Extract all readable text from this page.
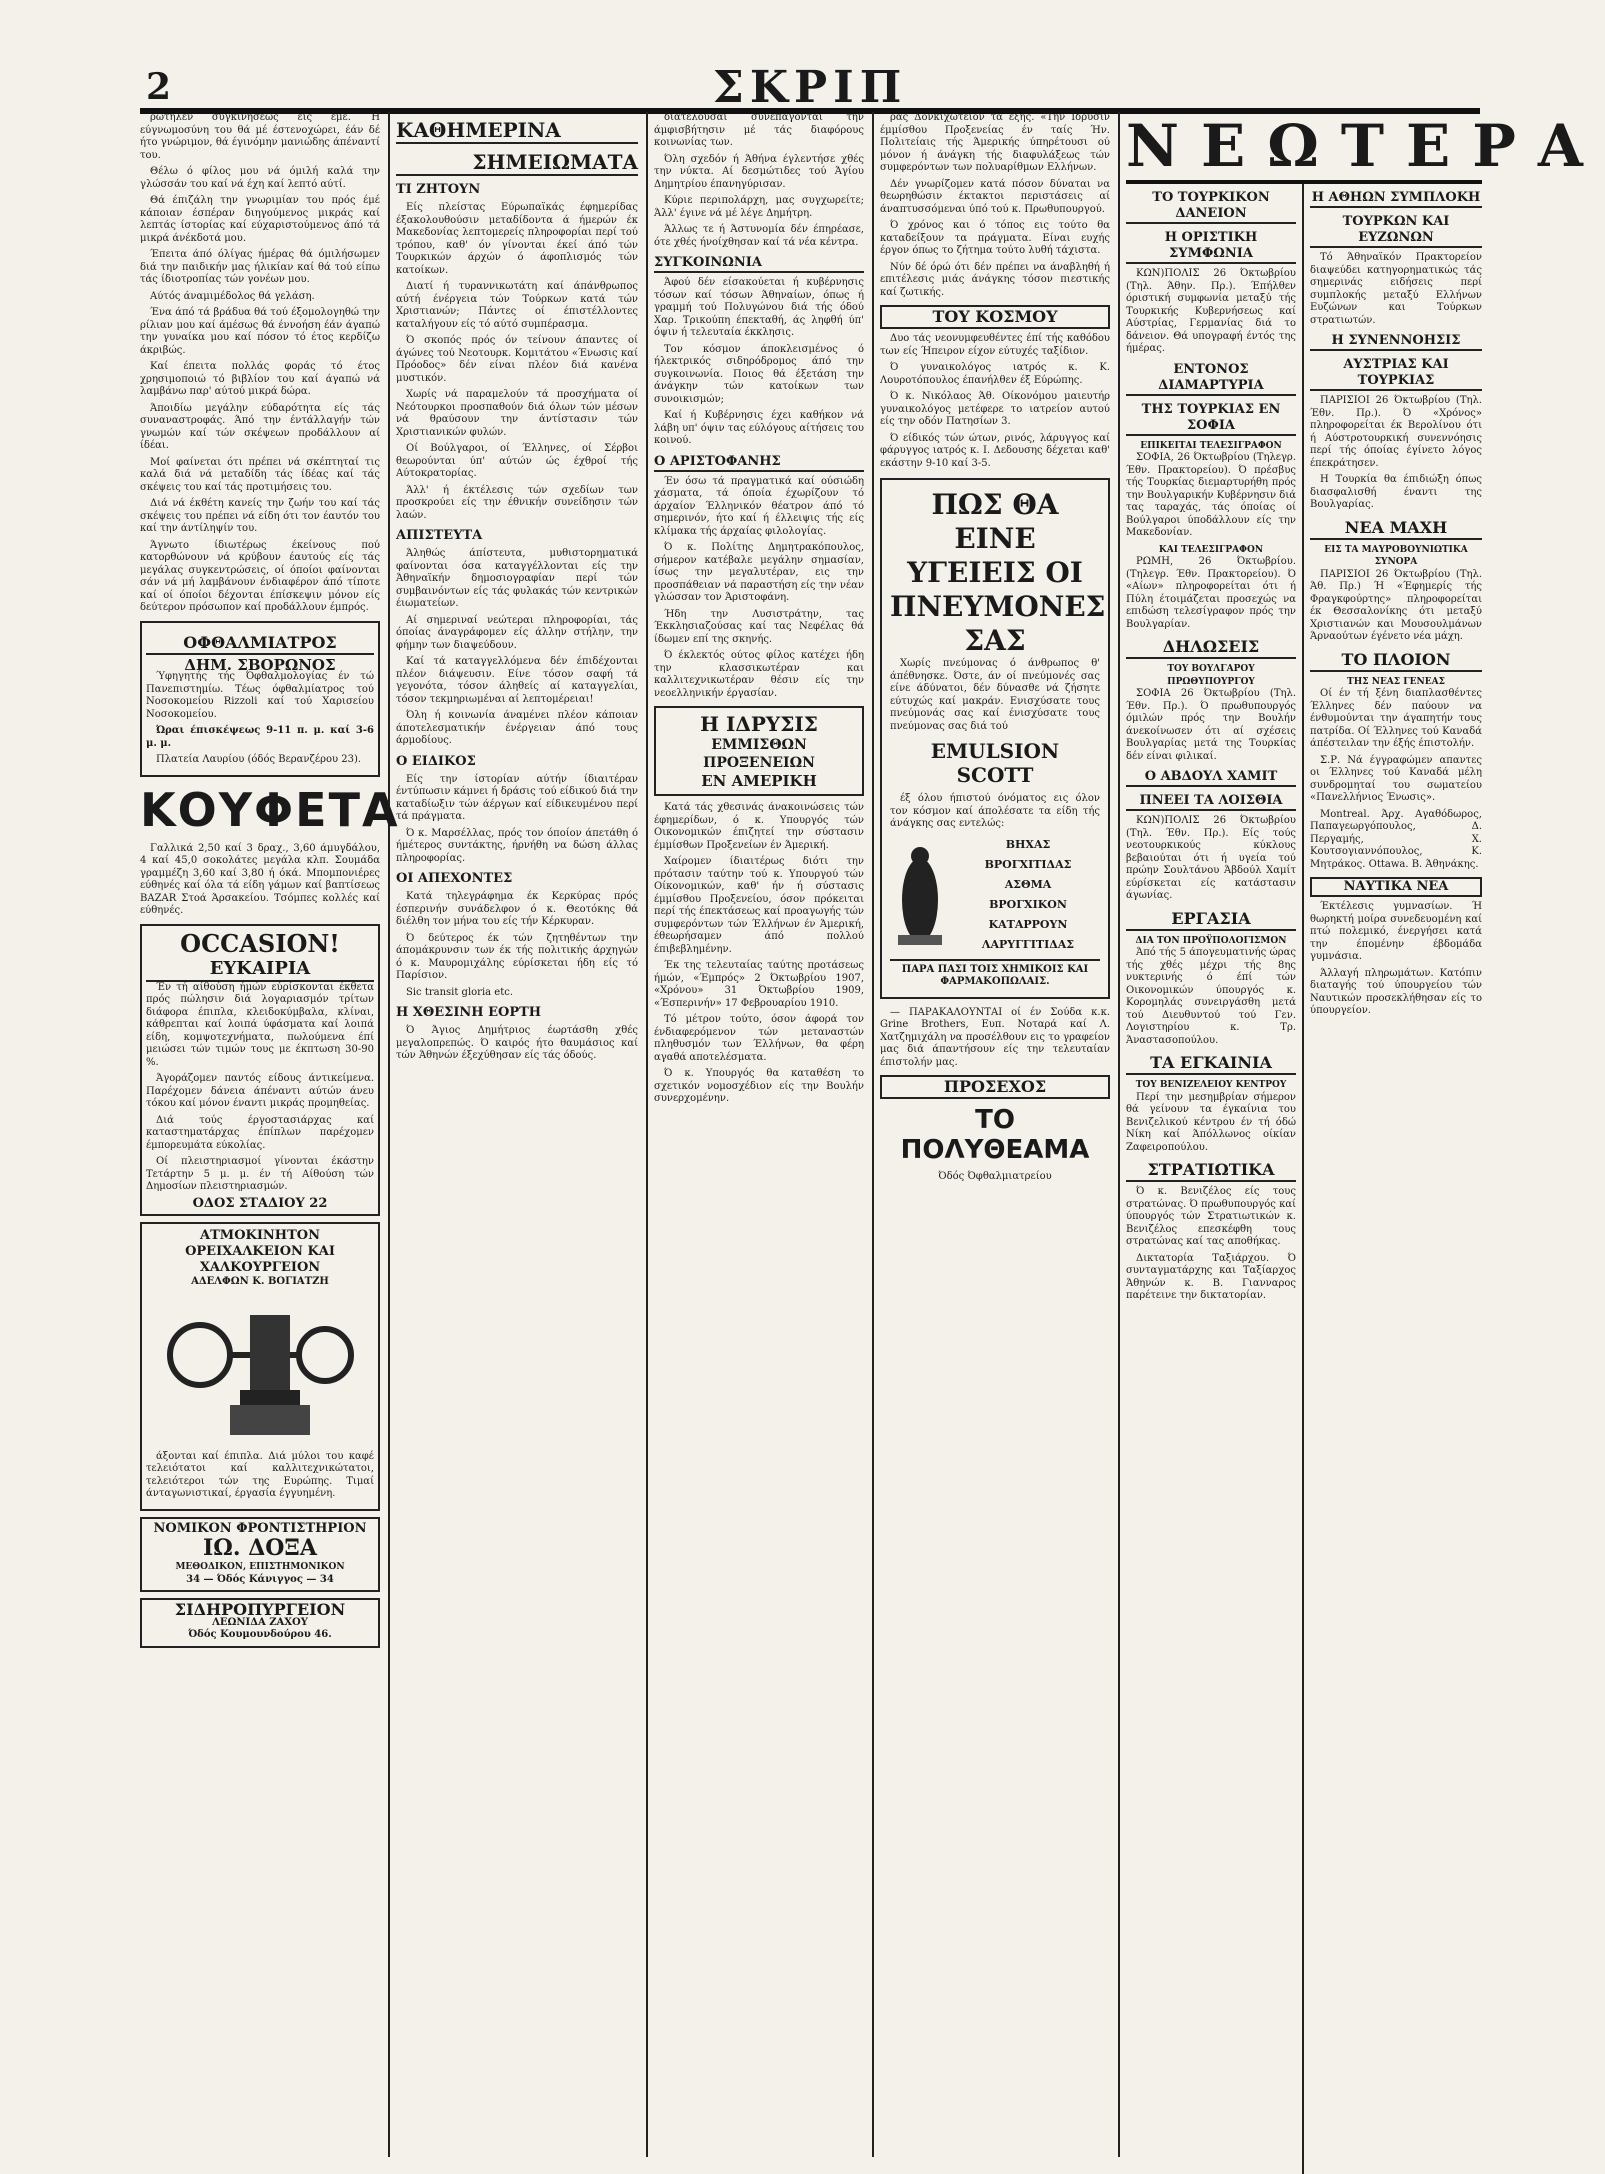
2	ΣΚΡΙΠ

ρώτηλεν συγκινήσεως είς έμέ. Ή εύγνωμοσύνη του θά μέ έστενοχώρει, έάν δέ ήτο γνώριμον, θά έγινόμην μανιώδης άπέναντί του.

Θέλω ό φίλος μου νά όμιλή καλά την γλώσσάν του καί νά έχη καί λεπτό αύτί.

Θά έπιζάλη την γνωριμίαν του πρός έμέ κάποιαν έσπέραν διηγούμενος μικράς καί λεπτάς ίστορίας καί εύχαριστούμενος άπό τά μικρά άνέκδοτά μου.

Έπειτα άπό όλίγας ήμέρας θά όμιλήσωμεν διά την παιδικήν μας ήλικίαν καί θά τού είπω τάς ίδιοτροπίας τών γονέων μου.

Αύτός άναμιμέδολος θά γελάση.

Ένα άπό τά βράδυα θά τού έξομολογηθώ την ρίλιαν μου καί άμέσως θά έννοήση έάν άγαπώ την γυναίκα μου καί πόσον τό έτος κερδίζω άκριβώς.

Καί έπειτα πολλάς φοράς τό έτος χρησιμοποιώ τό βιβλίον του καί άγαπώ νά λαμβάνω παρ' αύτού μικρά δώρα.

Άποιδίω μεγάλην εύδαρότητα είς τάς συναναστροφάς. Άπό την έντάλλαγήν τών γνωμών καί τών σκέψεων προδάλλουν αί ίδέαι.

Μοί φαίνεται ότι πρέπει νά σκέπτηταί τις καλά διά νά μεταδίδη τάς ίδέας καί τάς σκέψεις του καί τάς προτιμήσεις του.

Διά νά έκθέτη κανείς την ζωήν του καί τάς σκέψεις του πρέπει νά είδη ότι τον έαυτόν του καί την άντίληψίν του.

Άγνωτο ίδιωτέρως έκείνους πού κατορθώνουν νά κρύβουν έαυτούς είς τάς μεγάλας συγκεντρώσεις, οί όποίοι φαίνονται σάν νά μή λαμβάνουν ένδιαφέρον άπό τίποτε καί οί όποίοι δέχονται έπίσκεψιν μόνον είς δεύτερον πρόσωπον καί προδάλλουν έμπρός.

ΟΦΘΑΛΜΙΑΤΡΟΣ
ΔΗΜ. ΣΒΟΡΩΝΟΣ

Ύφηγητής τής Όφθαλμολογίας έν τώ Πανεπιστημίω. Τέως όφθαλμίατρος τού Νοσοκομείου Rizzoli καί τού Χαρισείου Νοσοκομείου.

Ώραι έπισκέψεως 9-11 π. μ. καί 3-6 μ. μ.

Πλατεία Λαυρίου (όδός Βερανζέρου 23).

ΚΟΥΦΕΤΑ

Γαλλικά 2,50 καί 3 δραχ., 3,60 άμυγδάλου, 4 καί 45,0 σοκολάτες μεγάλα κλπ. Σουμάδα γραμμέζη 3,60 καί 3,80 ή όκά. Μπομπονιέρες εύθηνές καί όλα τά είδη γάμων καί βαπτίσεως BAZAR Στοά Άρσακείου. Τσόμπες κολλές καί εύθηνές.

OCCASION!
ΕΥΚΑΙΡΙΑ

Έν τή αίθούση ήμών εύρίσκονται έκθετα πρός πώλησιν διά λογαριασμόν τρίτων διάφορα έπιπλα, κλειδοκύμβαλα, κλίναι, κάθρεπται καί λοιπά ύφάσματα καί λοιπά είδη, κομψοτεχνήματα, πωλούμενα έπί μειώσει τών τιμών τους με έκπτωση 30-90 %.

Άγοράζομεν παντός είδους άντικείμενα. Παρέχομεν δάνεια άπέναντι αύτών άνευ τόκου καί μόνον έναντι μικράς προμηθείας.

Διά τούς έργοστασιάρχας καί καταστηματάρχας έπίπλων παρέχομεν έμπορευμάτα εύκολίας.

Οί πλειστηριασμοί γίνονται έκάστην Τετάρτην 5 μ. μ. έν τή Αίθούση τών Δημοσίων πλειστηριασμών.

ΟΔΟΣ ΣΤΑΔΙΟΥ 22
ΑΤΜΟΚΙΝΗΤΟΝ ΟΡΕΙΧΑΛΚΕΙΟΝ ΚΑΙ ΧΑΛΚΟΥΡΓΕΙΟΝ
ΑΔΕΛΦΩΝ Κ. ΒΟΓΙΑΤΖΗ

άξονται καί έπιπλα. Διά μύλοι του καφέ τελειότατοι καί καλλιτεχνικώτατοι, τελειότεροι τών της Ευρώπης. Τιμαί άνταγωνιστικαί, έργασία έγγυημένη.

ΝΟΜΙΚΟΝ ΦΡΟΝΤΙΣΤΗΡΙΟΝ
ΙΩ. ΔΟΞΑ
ΜΕΘΟΔΙΚΟΝ, ΕΠΙΣΤΗΜΟΝΙΚΟΝ
34 — Όδός Κάνιγγος — 34
ΣΙΔΗΡΟΠΥΡΓΕΙΟΝ
ΛΕΩΝΙΔΑ ΖΑΧΟΥ
Όδός Κουμουνδούρου 46.
ΚΑΘΗΜΕΡΙΝΑ
ΣΗΜΕΙΩΜΑΤΑ
ΤΙ ΖΗΤΟΥΝ

Είς πλείστας Εύρωπαϊκάς έφημερίδας έξακολουθούσιν μεταδίδοντα ά ήμερών έκ Μακεδονίας λεπτομερείς πληροφορίαι περί τού τρόπου, καθ' όν γίνονται έκεί άπό τών Τουρκικών άρχών ό άφοπλισμός τών κατοίκων.

Διατί ή τυραννικωτάτη καί άπάνθρωπος αύτή ένέργεια τών Τούρκων κατά τών Χριστιανών; Πάντες οί έπιστέλλοντες καταλήγουν είς τό αύτό συμπέρασμα.

Ό σκοπός πρός όν τείνουν άπαντες οί άγώνες τού Νεοτουρκ. Κομιτάτου «Ένωσις καί Πρόοδος» δέν είναι πλέον διά κανένα μυστικόν.

Χωρίς νά παραμελούν τά προσχήματα οί Νεότουρκοι προσπαθούν διά όλων τών μέσων νά θραύσουν την άντίστασιν τών Χριστιανικών φυλών.

Οί Βούλγαροι, οί Έλληνες, οί Σέρβοι θεωρούνται ύπ' αύτών ώς έχθροί τής Αύτοκρατορίας.

Άλλ' ή έκτέλεσις τών σχεδίων των προσκρούει είς την έθνικήν συνείδησιν τών λαών.

ΑΠΙΣΤΕΥΤΑ

Άληθώς άπίστευτα, μυθιστορηματικά φαίνονται όσα καταγγέλλονται είς την Άθηναϊκήν δημοσιογραφίαν περί τών συμβαινόντων είς τάς φυλακάς τών κεντρικών έιωματείων.

Αί σημεριναί νεώτεραι πληροφορίαι, τάς όποίας άναγράφομεν είς άλλην στήλην, την φήμην των διαψεύδουν.

Καί τά καταγγελλόμενα δέν έπιδέχονται πλέον διάψευσιν. Είνε τόσον σαφή τά γεγονότα, τόσον άληθείς αί καταγγελίαι, τόσον τεκμηριωμέναι αί λεπτομέρειαι!

Όλη ή κοινωνία άναμένει πλέον κάποιαν άποτελεσματικήν ένέργειαν άπό τους άρμοδίους.

Ο ΕΙΔΙΚΟΣ

Είς την ίστορίαν αύτήν ίδιαιτέραν έντύπωσιν κάμνει ή δράσις τού είδικού διά την καταδίωξιν τών άέργων καί είδικευμένου περί τά πράγματα.

Ό κ. Μαρσέλλας, πρός τον όποίον άπετάθη ό ήμέτερος συντάκτης, ήρνήθη να δώση άλλας πληροφορίας.

ΟΙ ΑΠΕΧΟΝΤΕΣ

Κατά τηλεγράφημα έκ Κερκύρας πρός έσπερινήν συνάδελφον ό κ. Θεοτόκης θά διέλθη τον μήνα του είς τήν Κέρκυραν.

Ό δεύτερος έκ τών ζητηθέντων την άπομάκρυνσιν των έκ τής πολιτικής άρχηγών ό κ. Μαυρομιχάλης εύρίσκεται ήδη είς τό Παρίσιον.

Sic transit gloria etc.

Η ΧΘΕΣΙΝΗ ΕΟΡΤΗ

Ό Άγιος Δημήτριος έωρτάσθη χθές μεγαλοπρεπώς. Ό καιρός ήτο θαυμάσιος καί τών Άθηνών έξεχύθησαν είς τάς όδούς.

διατελούσαι συνεπάγονται την άμφισβήτησιν μέ τάς διαφόρους κοινωνίας των.

Όλη σχεδόν ή Άθήνα έγλεντήσε χθές την νύκτα. Αί δεσμώτιδες τού Άγίου Δημητρίου έπανηγύρισαν.

Κύριε περιπολάρχη, μας συγχωρείτε; Άλλ' έγινε νά μέ λέγε Δημήτρη.

Άλλως τε ή Άστυνομία δέν έπηρέασε, ότε χθές ήνοίχθησαν καί τά νέα κέντρα.

ΣΥΓΚΟΙΝΩΝΙΑ

Άφού δέν είσακούεται ή κυβέρνησις τόσων καί τόσων Άθηναίων, όπως ή γραμμή τού Πολυγώνου διά τής όδού Χαρ. Τρικούπη έπεκταθή, άς ληφθή ύπ' όψιν ή τελευταία έκκλησις.

Τον κόσμον άποκλεισμένος ό ήλεκτρικός σιδηρόδρομος άπό την συγκοινωνία. Ποιος θά έξετάση την άνάγκην τών κατοίκων των συνοικισμών;

Καί ή Κυβέρνησις έχει καθήκον νά λάβη υπ' όψιν τας εύλόγους αίτήσεις του κοινού.

Ο ΑΡΙΣΤΟΦΑΝΗΣ

Έν όσω τά πραγματικά καί ούσιώδη χάσματα, τά όποία έχωρίζουν τό άρχαίον Έλληνικόν θέατρον άπό τό σημερινόν, ήτο καί ή έλλειψις τής είς κλίμακα τής άρχαίας φιλολογίας.

Ό κ. Πολίτης Δημητρακόπουλος, σήμερον κατέβαλε μεγάλην σημασίαν, ίσως την μεγαλυτέραν, εις την προσπάθειαν νά παραστήση είς την νέαν γλώσσαν τον Άριστοφάνη.

Ήδη την Λυσιστράτην, τας Έκκλησιαζούσας καί τας Νεφέλας θά ίδωμεν επί της σκηνής.

Ό έκλεκτός ούτος φίλος κατέχει ήδη την κλασσικωτέραν και καλλιτεχνικωτέραν θέσιν είς την νεοελληνικήν έργασίαν.

Η ΙΔΡΥΣΙΣ
ΕΜΜΙΣΘΩΝ ΠΡΟΞΕΝΕΙΩΝ
ΕΝ ΑΜΕΡΙΚΗ

Κατά τάς χθεσινάς άνακοινώσεις τών έφημερίδων, ό κ. Υπουργός τών Οικονομικών έπιζητεί την σύστασιν έμμίσθων Προξενείων έν Άμερική.

Χαίρομεν ίδιαιτέρως διότι την πρότασιν ταύτην τού κ. Υπουργού τών Οίκονομικών, καθ' ήν ή σύστασις έμμίσθου Προξενείου, όσον πρόκειται περί τής έπεκτάσεως καί προαγωγής τών συμφερόντων τών Έλλήνων έν Άμερική, έθεωρήσαμεν άπό πολλού έπιβεβλημένην.

Έκ της τελευταίας ταύτης προτάσεως ήμών, «Έμπρός» 2 Όκτωβρίου 1907, «Χρόνου» 31 Όκτωβρίου 1909, «Έσπερινήν» 17 Φεβρουαρίου 1910.

Τό μέτρον τούτο, όσον άφορά τον ένδιαφερόμενον τών μεταναστών πληθυσμόν των Έλλήνων, θα φέρη αγαθά αποτελέσματα.

Ό κ. Υπουργός θα καταθέση το σχετικόν νομοσχέδιον είς την Βουλήν συνερχομένην.

ρας Δονκιχώτειον τά έξής. «Την Ιδρυσιν έμμίσθου Προξενείας έν ταίς Ήν. Πολιτείαις τής Άμερικής ύπηρέτουσι ού μόνον ή άνάγκη τής διαφυλάξεως τών συμφερόντων των πολυαρίθμων Ελλήνων.

Δέν γνωρίζομεν κατά πόσον δύναται να θεωρηθώσιν έκτακτοι περιστάσεις αί άναπτυσσόμεναι ύπό τού κ. Πρωθυπουργού.

Ό χρόνος και ό τόπος εις τούτο θα καταδείξουν τα πράγματα. Είναι ευχής έργον όπως το ζήτημα τούτο λυθή τάχιστα.

Νύν δέ όρώ ότι δέν πρέπει να άναβληθή ή επιτέλεσις μιάς άνάγκης τόσον πιεστικής καί ζωτικής.

ΤΟΥ ΚΟΣΜΟΥ

Δυο τάς νεονυμφευθέντες έπί τής καθόδου των είς Ήπειρον είχον εύτυχές ταξίδιον.

Ό γυναικολόγος ιατρός κ. Κ. Λουροτόπουλος έπανήλθεν έξ Εύρώπης.

Ό κ. Νικόλαος Άθ. Οίκονόμου μαιευτήρ γυναικολόγος μετέφερε το ιατρείον αυτού είς την οδόν Πατησίων 3.

Ό είδικός τών ώτων, ρινός, λάρυγγος καί φάρυγγος ιατρός κ. Ι. Δεδουσης δέχεται καθ' εκάστην 9-10 καί 3-5.

ΠΩΣ ΘΑ ΕΙΝΕ
ΥΓΕΙΕΙΣ ΟΙ
ΠΝΕΥΜΟΝΕΣ
ΣΑΣ

Χωρίς πνεύμονας ό άνθρωπος θ' άπέθνησκε. Όστε, άν οί πνεύμονές σας είνε άδύνατοι, δέν δύνασθε νά ζήσητε εύτυχώς καί μακράν. Ενισχύσατε τους πνεύμονάς σας καί ένισχύσατε τους πνεύμονας σας διά τού

EMULSION SCOTT

έξ όλου ήπιστού όνόματος εις όλον τον κόσμον καί άπολέσατε τα είδη τής άνάγκης σας εντελώς:

ΒΗΧΑΣ
ΒΡΟΓΧΙΤΙΔΑΣ
ΑΣΘΜΑ
ΒΡΟΓΧΙΚΟΝ ΚΑΤΑΡΡΟΥΝ
ΛΑΡΥΓΓΙΤΙΔΑΣ
ΠΑΡΑ ΠΑΣΙ ΤΟΙΣ ΧΗΜΙΚΟΙΣ ΚΑΙ ΦΑΡΜΑΚΟΠΩΛΑΙΣ.

— ΠΑΡΑΚΑΛΟΥΝΤΑΙ οί έν Σούδα κ.κ. Grine Brothers, Ευπ. Νοταρά καί Λ. Χατζημιχάλη να προσέλθουν εις το γραφείον μας διά άπαντήσουν είς την τελευταίαν έπιστολήν μας.

ΠΡΟΣΕΧΟΣ
ΤΟ ΠΟΛΥΘΕΑΜΑ
Όδός Όφθαλμιατρείου
ΝΕΩΤΕΡΑ
ΤΟ ΤΟΥΡΚΙΚΟΝ ΔΑΝΕΙΟΝ
Η ΟΡΙΣΤΙΚΗ ΣΥΜΦΩΝΙΑ

ΚΩΝ)ΠΟΛΙΣ 26 Όκτωβρίου (Τηλ. Άθην. Πρ.). Έπήλθεν όριστική συμφωνία μεταξύ τής Τουρκικής Κυβερνήσεως καί Αύστρίας, Γερμανίας διά το δάνειον. Θά υπογραφή έντός της ήμέρας.

ΕΝΤΟΝΟΣ ΔΙΑΜΑΡΤΥΡΙΑ
ΤΗΣ ΤΟΥΡΚΙΑΣ ΕΝ ΣΟΦΙΑ
ΕΠΙΚΕΙΤΑΙ ΤΕΛΕΣΙΓΡΑΦΟΝ

ΣΟΦΙΑ, 26 Όκτωβρίου (Τηλεγρ. Έθν. Πρακτορείου). Ό πρέσβυς τής Τουρκίας διεμαρτυρήθη πρός την Βουλγαρικήν Κυβέρνησιν διά τας ταραχάς, τάς όποίας οί Βούλγαροι ύποδάλλουν είς την Μακεδονίαν.

ΚΑΙ ΤΕΛΕΣΙΓΡΑΦΟΝ

ΡΩΜΗ, 26 Όκτωβρίου. (Τηλεγρ. Έθν. Πρακτορείου). Ό «Αίων» πληροφορείται ότι ή Πύλη έτοιμάζεται προσεχώς να επιδώση τελεσίγραφον πρός την Βουλγαρίαν.

ΔΗΛΩΣΕΙΣ
ΤΟΥ ΒΟΥΛΓΑΡΟΥ ΠΡΩΘΥΠΟΥΡΓΟΥ

ΣΟΦΙΑ 26 Όκτωβρίου (Τηλ. Έθν. Πρ.). Ό πρωθυπουργός όμιλών πρός την Βουλήν άνεκοίνωσεν ότι αί σχέσεις Βουλγαρίας μετά της Τουρκίας δέν είναι φιλικαί.

Ο ΑΒΔΟΥΛ ΧΑΜΙΤ
ΠΝΕΕΙ ΤΑ ΛΟΙΣΘΙΑ

ΚΩΝ)ΠΟΛΙΣ 26 Όκτωβρίου (Τηλ. Έθν. Πρ.). Είς τούς νεοτουρκικούς κύκλους βεβαιούται ότι ή υγεία τού πρώην Σουλτάνου Άβδούλ Χαμίτ εύρίσκεται είς κατάστασιν άγωνίας.

ΕΡΓΑΣΙΑ
ΔΙΑ ΤΟΝ ΠΡΟΫΠΟΛΟΓΙΣΜΟΝ

Άπό τής 5 άπογευματινής ώρας τής χθές μέχρι τής 8ης νυκτερινής ό έπί τών Οικονομικών ύπουργός κ. Κορομηλάς συνειργάσθη μετά τού Διευθυντού τού Γεν. Λογιστηρίου κ. Τρ. Άναστασοπούλου.

ΤΑ ΕΓΚΑΙΝΙΑ
ΤΟΥ ΒΕΝΙΖΕΛΕΙΟΥ ΚΕΝΤΡΟΥ

Περί την μεσημβρίαν σήμερον θά γείνουν τα έγκαίνια του Βενιζελικού κέντρου έν τή όδώ Νίκη καί Άπόλλωνος οίκίαν Ζαφειροπούλου.

ΣΤΡΑΤΙΩΤΙΚΑ

Ό κ. Βενιζέλος είς τους στρατώνας. Ό πρωθυπουργός καί ύπουργός τών Στρατιωτικών κ. Βενιζέλος επεσκέφθη τους στρατώνας καί τας αποθήκας.

Δικτατορία Ταξιάρχου. Ό συνταγματάρχης και Ταξίαρχος Άθηνών κ. Β. Γιανναρος παρέτεινε την δικτατορίαν.

Η ΑΘΗΩΝ ΣΥΜΠΛΟΚΗ
ΤΟΥΡΚΩΝ ΚΑΙ ΕΥΖΩΝΩΝ

Τό Άθηναϊκόν Πρακτορείον διαψεύδει κατηγορηματικώς τάς σημερινάς ειδήσεις περί συμπλοκής μεταξύ Ελλήνων Ευζώνων και Τούρκων στρατιωτών.

Η ΣΥΝΕΝΝΟΗΣΙΣ
ΑΥΣΤΡΙΑΣ ΚΑΙ ΤΟΥΡΚΙΑΣ

ΠΑΡΙΣΙΟΙ 26 Όκτωβρίου (Τηλ. Έθν. Πρ.). Ό «Χρόνος» πληροφορείται έκ Βερολίνου ότι ή Αύστροτουρκική συνεννόησις περί τής όποίας έγίνετο λόγος έπεκράτησεν.

Η Τουρκία θα έπιδιώξη όπως διασφαλισθή έναντι της Βουλγαρίας.

ΝΕΑ ΜΑΧΗ
ΕΙΣ ΤΑ ΜΑΥΡΟΒΟΥΝΙΩΤΙΚΑ ΣΥΝΟΡΑ

ΠΑΡΙΣΙΟΙ 26 Όκτωβρίου (Τηλ. Άθ. Πρ.) Ή «Έφημερίς τής Φραγκφούρτης» πληροφορείται έκ Θεσσαλονίκης ότι μεταξύ Χριστιανών και Μουσουλμάνων Άρναούτων έγένετο νέα μάχη.

ΤΟ ΠΛΟΙΟΝ
ΤΗΣ ΝΕΑΣ ΓΕΝΕΑΣ

Οί έν τή ξένη διαπλασθέντες Έλληνες δέν παύουν να ένθυμούνται την άγαπητήν τους πατρίδα. Οί Έλληνες τού Καναδά άπέστειλαν την έξής έπιστολήν.

Σ.Ρ. Νά έγγραφώμεν απαντες οι Έλληνες τού Καναδά μέλη συνδρομηταί του σωματείου «Πανελλήνιος Ένωσις».

Montreal. Άρχ. Αγαθόδωρος, Παπαγεωργόπουλος, Δ. Περγαμής, Χ. Κουτσογιαννόπουλος, Κ. Μητράκος. Ottawa. Β. Άθηνάκης.

ΝΑΥΤΙΚΑ ΝΕΑ

Έκτέλεσις γυμνασίων. Ή θωρηκτή μοίρα συνεδευομένη καί πτώ πολεμικό, ένεργήσει κατά την έπομένην έβδομάδα γυμνάσια.

Άλλαγή πληρωμάτων. Κατόπιν διαταγής τού ύπουργείου τών Ναυτικών προσεκλήθησαν είς το ύπουργείον.
